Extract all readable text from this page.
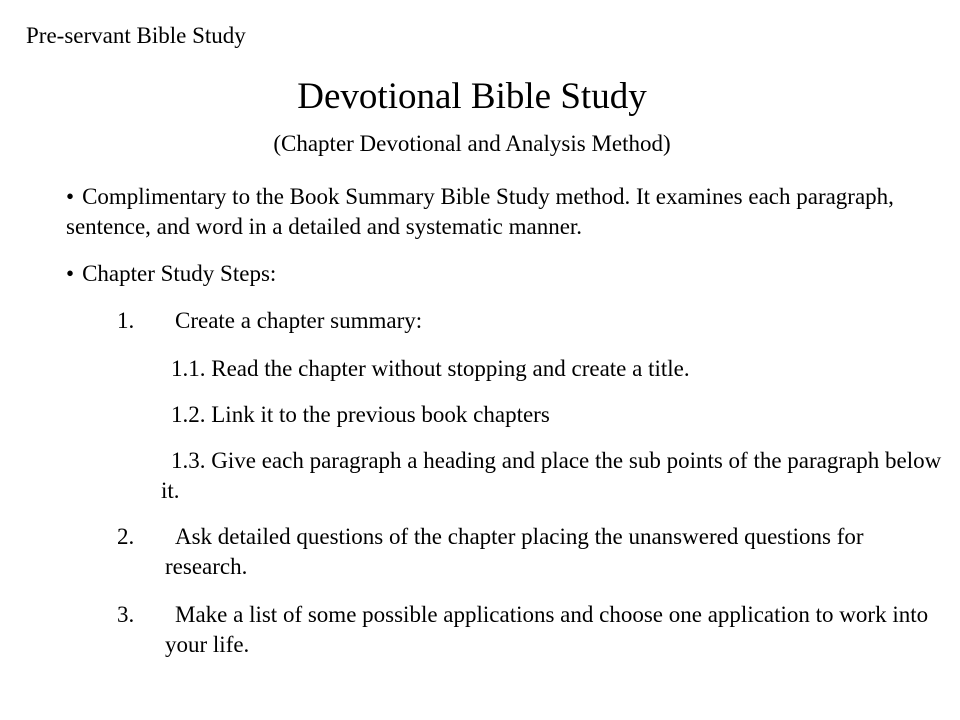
Pre-servant Bible Study
Devotional Bible Study
(Chapter Devotional and Analysis Method)
• Complimentary to the Book Summary Bible Study method. It examines each paragraph, sentence, and word in a detailed and systematic manner.
• Chapter Study Steps:
1.	Create a chapter summary:
1.1. Read the chapter without stopping and create a title.
1.2. Link it to the previous book chapters
1.3. Give each paragraph a heading and place the sub points of the paragraph below it.
2.	Ask detailed questions of the chapter placing the unanswered questions for research.
3.	Make a list of some possible applications and choose one application to work into your life.
